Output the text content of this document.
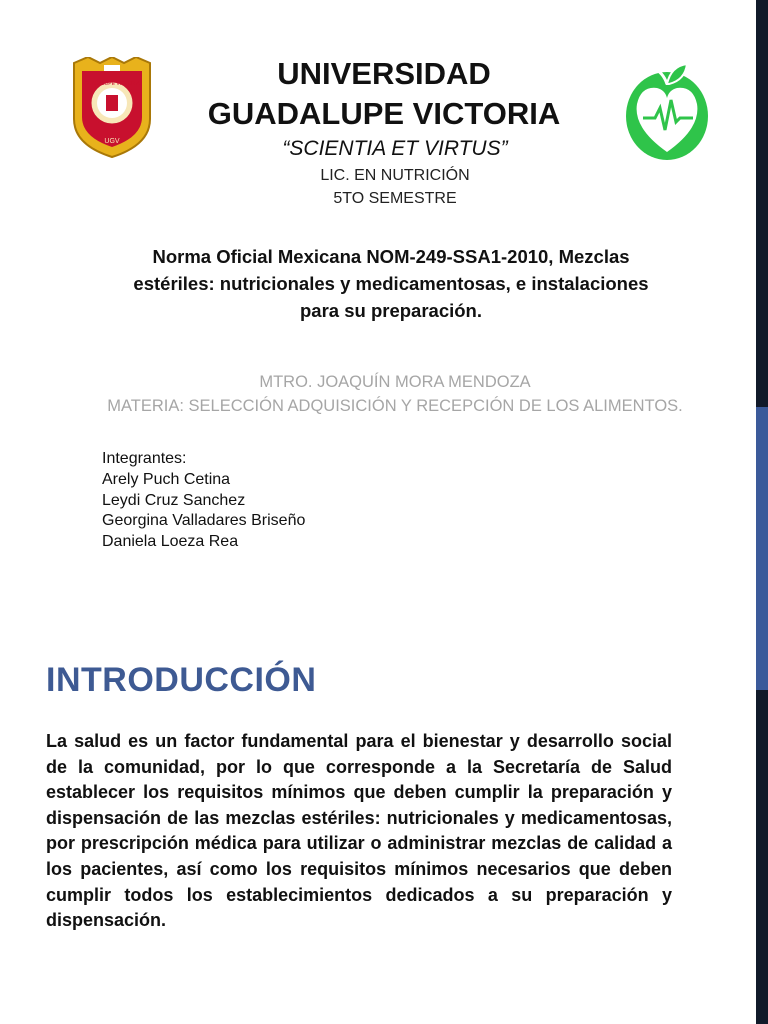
UGV
GUADALUPE VICTORIA	UNIVERSIDAD
GUADALUPE VICTORIA
“SCIENTIA ET VIRTUS”
LIC. EN NUTRICIÓN
5TO SEMESTRE
Norma Oficial Mexicana NOM-249-SSA1-2010, Mezclas estériles: nutricionales y medicamentosas, e instalaciones para su preparación.
MTRO. JOAQUÍN MORA MENDOZA
MATERIA: SELECCIÓN ADQUISICIÓN Y RECEPCIÓN DE LOS ALIMENTOS.
Integrantes:
Arely Puch Cetina
Leydi Cruz Sanchez
Georgina Valladares Briseño
Daniela Loeza Rea
INTRODUCCIÓN
La salud es un factor fundamental para el bienestar y desarrollo social de la comunidad, por lo que corresponde a la Secretaría de Salud establecer los requisitos mínimos que deben cumplir la preparación y dispensación de las mezclas estériles: nutricionales y medicamentosas, por prescripción médica para utilizar o administrar mezclas de calidad a los pacientes, así como los requisitos mínimos necesarios que deben cumplir todos los establecimientos dedicados a su preparación y dispensación.
